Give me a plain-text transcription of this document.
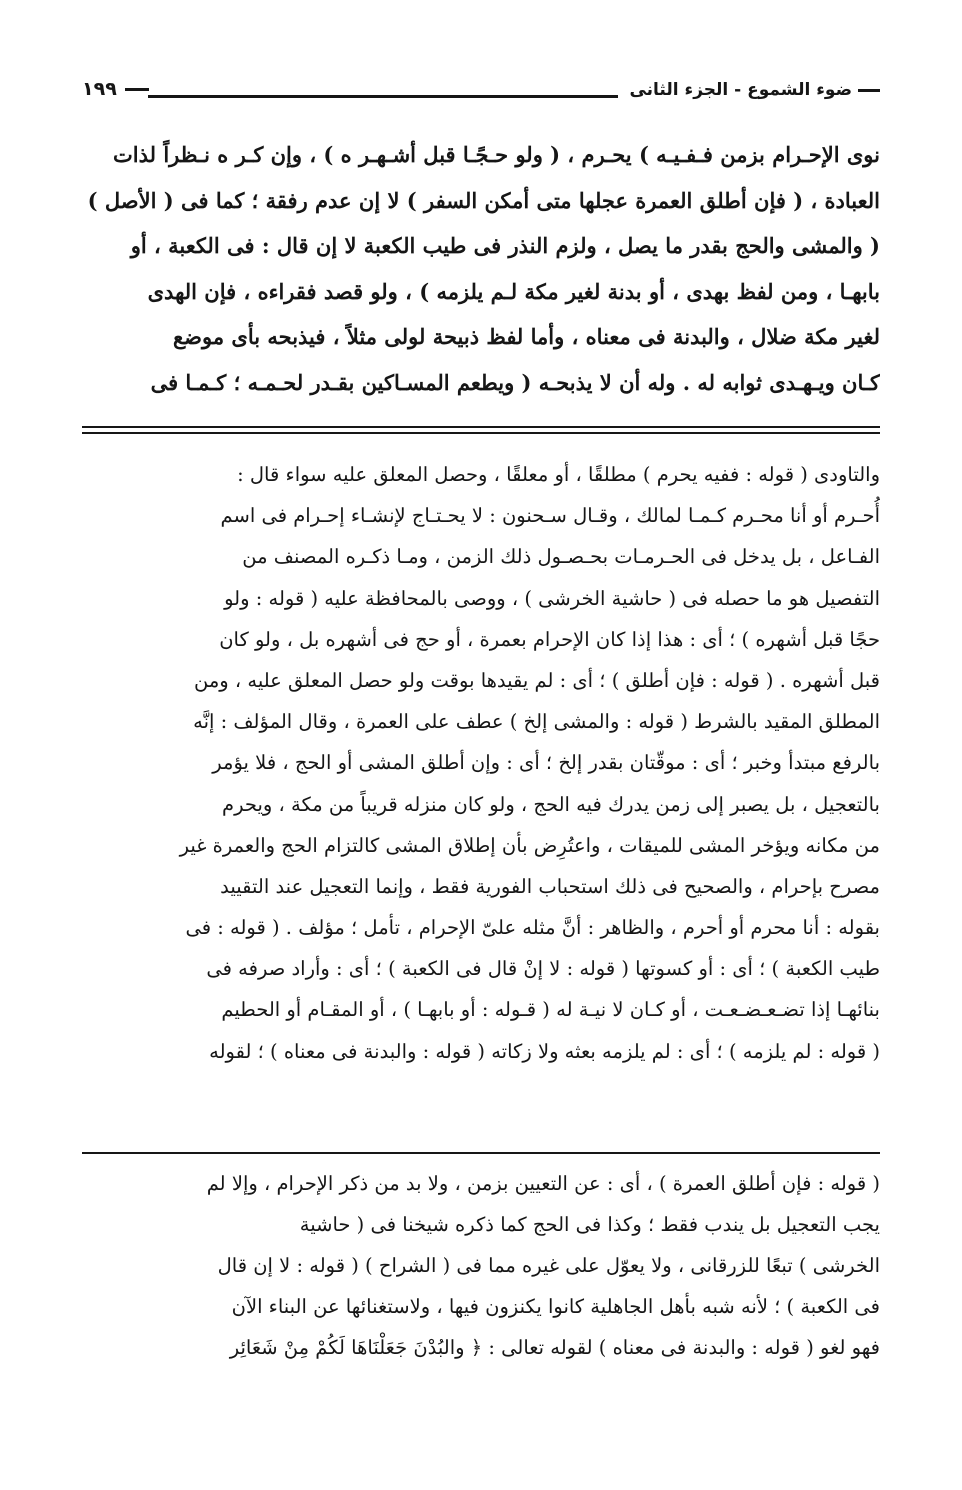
ضوء الشموع - الجزء الثانى
١٩٩
نوى الإحـرام بزمن فـفـيـه ) يحـرم ، ( ولو حـجًـا قبل أشـهـر ه ) ، وإن كـر ه نـظراً لذات
العبادة ، ( فإن أطلق العمرة عجلها متى أمكن السفر ) لا إن عدم رفقة ؛ كما فى ( الأصل )
( والمشى والحج بقدر ما يصل ، ولزم النذر فى طيب الكعبة لا إن قال : فى الكعبة ، أو
بابهـا ، ومن لفظ بهدى ، أو بدنة لغير مكة لـم يلزمه ) ، ولو قصد فقراءه ، فإن الهدى
لغير مكة ضلال ، والبدنة فى معناه ، وأما لفظ ذبيحة لولى مثلاً ، فيذبحه بأى موضع
كـان ويـهـدى ثوابه له . وله أن لا يذبحـه ( ويطعم المسـاكين بقـدر لحـمـه ؛ كـمـا فى
والتاودى ( قوله : ففيه يحرم ) مطلقًا ، أو معلقًا ، وحصل المعلق عليه سواء قال :
أُحـرم أو أنا محـرم كـمـا لمالك ، وقـال سـحنون : لا يحـتـاج لإنشـاء إحـرام فى اسم
الفـاعل ، بل يدخل فى الحـرمـات بحـصـول ذلك الزمن ، ومـا ذكـره المصنف من
التفصيل هو ما حصله فى ( حاشية الخرشى ) ، ووصى بالمحافظة عليه ( قوله : ولو
حجًا قبل أشهره ) ؛ أى : هذا إذا كان الإحرام بعمرة ، أو حج فى أشهره بل ، ولو كان
قبل أشهره . ( قوله : فإن أطلق ) ؛ أى : لم يقيدها بوقت ولو حصل المعلق عليه ، ومن
المطلق المقيد بالشرط ( قوله : والمشى إلخ ) عطف على العمرة ، وقال المؤلف : إنَّه
بالرفع مبتدأ وخبر ؛ أى : موقّتان بقدر إلخ ؛ أى : وإن أطلق المشى أو الحج ، فلا يؤمر
بالتعجيل ، بل يصبر إلى زمن يدرك فيه الحج ، ولو كان منزله قريباً من مكة ، ويحرم
من مكانه ويؤخر المشى للميقات ، واعتُرِض بأن إطلاق المشى كالتزام الحج والعمرة غير
مصرح بإحرام ، والصحيح فى ذلك استحباب الفورية فقط ، وإنما التعجيل عند التقييد
بقوله : أنا محرم أو أحرم ، والظاهر : أنَّ مثله علىّ الإحرام ، تأمل ؛ مؤلف . ( قوله : فى
طيب الكعبة ) ؛ أى : أو كسوتها ( قوله : لا إنْ قال فى الكعبة ) ؛ أى : وأراد صرفه فى
بنائهـا إذا تضـعـضـعـت ، أو كـان لا نيـة له ( قـوله : أو بابهـا ) ، أو المقـام أو الحطيم
( قوله : لم يلزمه ) ؛ أى : لم يلزمه بعثه ولا زكاته ( قوله : والبدنة فى معناه ) ؛ لقوله
( قوله : فإن أطلق العمرة ) ، أى : عن التعيين بزمن ، ولا بد من ذكر الإحرام ، وإلا لم
يجب التعجيل بل يندب فقط ؛ وكذا فى الحج كما ذكره شيخنا فى ( حاشية
الخرشى ) تبعًا للزرقانى ، ولا يعوّل على غيره مما فى ( الشراح ) ( قوله : لا إن قال
فى الكعبة ) ؛ لأنه شبه بأهل الجاهلية كانوا يكنزون فيها ، ولاستغنائها عن البناء الآن
فهو لغو ( قوله : والبدنة فى معناه ) لقوله تعالى : ﴿ والبُدْنَ جَعَلْنَاهَا لَكُمْ مِنْ شَعَائِر
